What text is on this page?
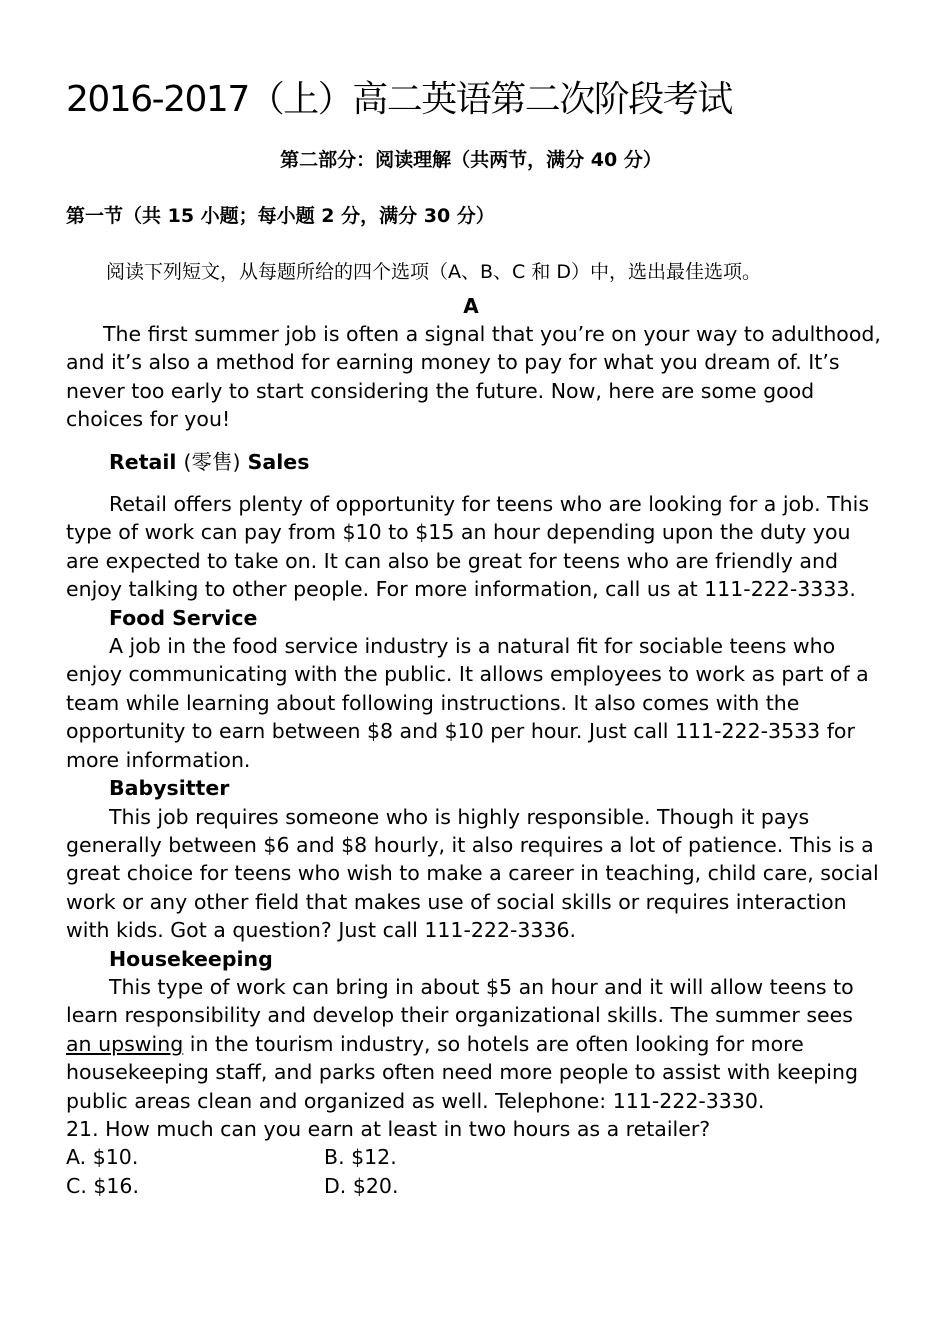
2016-2017（上）高二英语第二次阶段考试
第二部分：阅读理解（共两节，满分 40 分）
第一节（共 15 小题；每小题 2 分，满分 30 分）
阅读下列短文，从每题所给的四个选项（A、B、C 和 D）中，选出最佳选项。
A

The first summer job is often a signal that you’re on your way to adulthood, and it’s also a method for earning money to pay for what you dream of. It’s never too early to start considering the future. Now, here are some good choices for you!

Retail (零售) Sales

Retail offers plenty of opportunity for teens who are looking for a job. This type of work can pay from $10 to $15 an hour depending upon the duty you are expected to take on. It can also be great for teens who are friendly and enjoy talking to other people. For more information, call us at 111-222-3333.

Food Service

A job in the food service industry is a natural fit for sociable teens who enjoy communicating with the public. It allows employees to work as part of a team while learning about following instructions. It also comes with the opportunity to earn between $8 and $10 per hour. Just call 111-222-3533 for more information.

Babysitter

This job requires someone who is highly responsible. Though it pays generally between $6 and $8 hourly, it also requires a lot of patience. This is a great choice for teens who wish to make a career in teaching, child care, social work or any other field that makes use of social skills or requires interaction with kids. Got a question? Just call 111-222-3336.

Housekeeping

This type of work can bring in about $5 an hour and it will allow teens to learn responsibility and develop their organizational skills. The summer sees an upswing in the tourism industry, so hotels are often looking for more housekeeping staff, and parks often need more people to assist with keeping public areas clean and organized as well. Telephone: 111-222-3330.

21. How much can you earn at least in two hours as a retailer?

A. $10.	B. $12.
C. $16.	D. $20.
